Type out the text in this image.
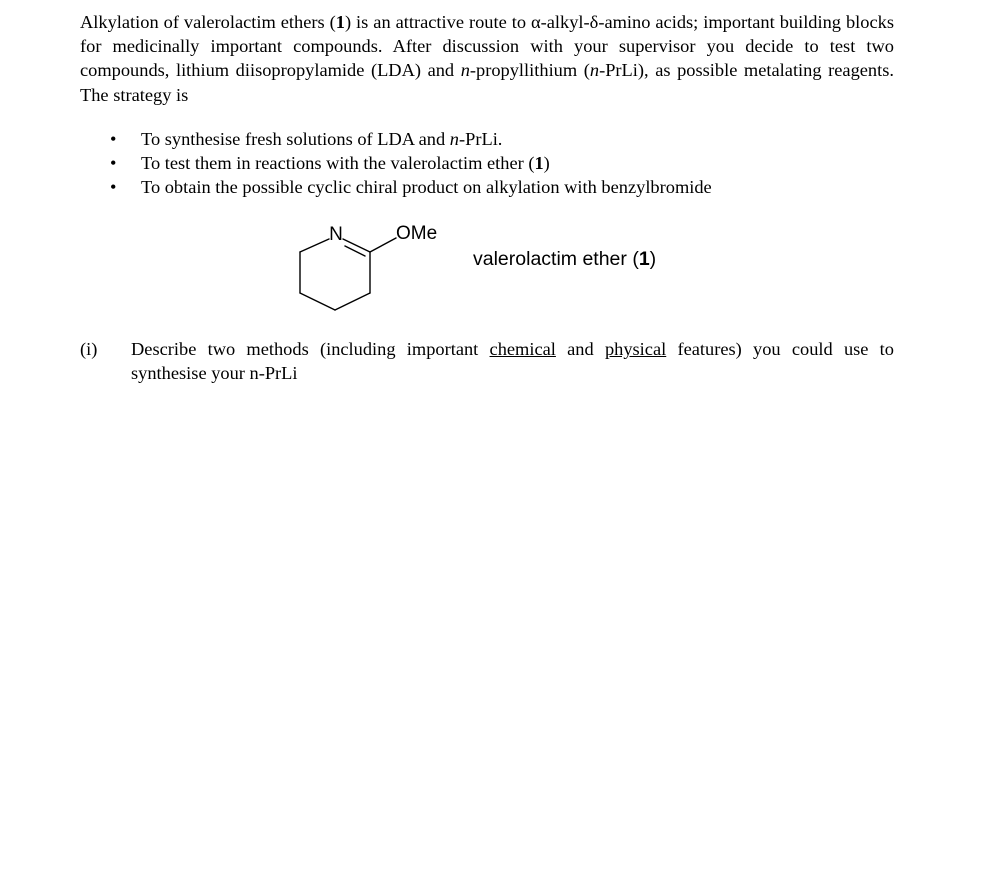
Alkylation of valerolactim ethers (1) is an attractive route to α-alkyl-δ-amino acids; important building blocks for medicinally important compounds. After discussion with your supervisor you decide to test two compounds, lithium diisopropylamide (LDA) and n-propyllithium (n-PrLi), as possible metalating reagents. The strategy is
• To synthesise fresh solutions of LDA and n-PrLi.
• To test them in reactions with the valerolactim ether (1)
• To obtain the possible cyclic chiral product on alkylation with benzylbromide
N	OMe
valerolactim ether (1)
(i) Describe two methods (including important chemical and physical features) you could use to synthesise your n-PrLi
